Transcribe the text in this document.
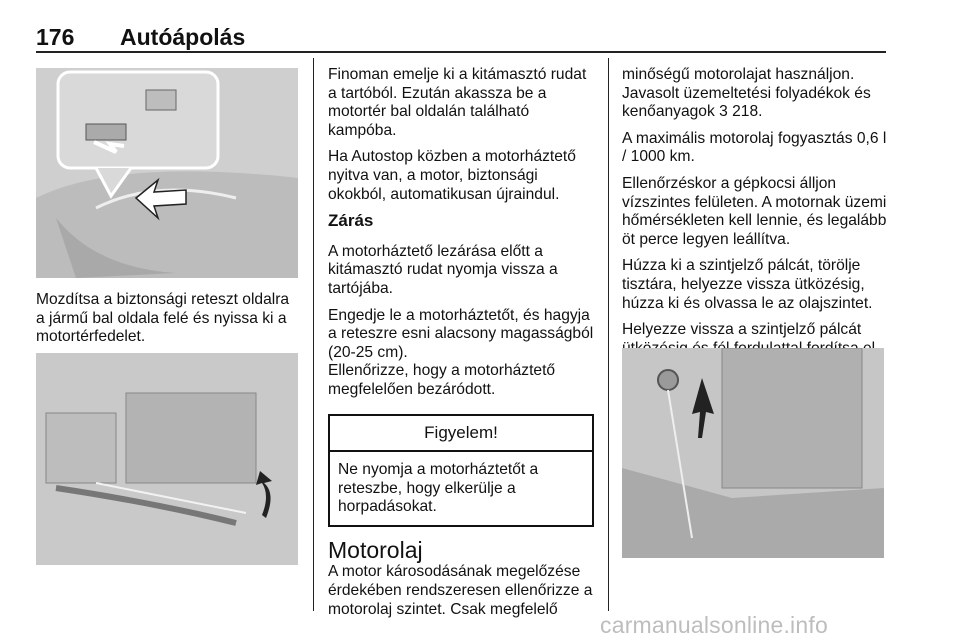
176 Autóápolás

Mozdítsa a biztonsági reteszt oldalra a jármű bal oldala felé és nyissa ki a motortérfedelet.

Finoman emelje ki a kitámasztó rudat a tartóból. Ezután akassza be a motortér bal oldalán található kampóba.

Ha Autostop közben a motorháztető nyitva van, a motor, biztonsági okokból, automatikusan újraindul.

Zárás

A motorháztető lezárása előtt a kitámasztó rudat nyomja vissza a tartójába.

Engedje le a motorháztetőt, és hagyja a reteszre esni alacsony magasságból (20-25 cm).

Ellenőrizze, hogy a motorháztető megfelelően bezáródott.

Figyelem!
Ne nyomja a motorháztetőt a reteszbe, hogy elkerülje a horpadásokat.
Motorolaj

A motor károsodásának megelőzése érdekében rendszeresen ellenőrizze a motorolaj szintet. Csak megfelelő

minőségű motorolajat használjon. Javasolt üzemeltetési folyadékok és kenőanyagok 3 218.

A maximális motorolaj fogyasztás 0,6 l / 1000 km.

Ellenőrzéskor a gépkocsi álljon vízszintes felületen. A motornak üzemi hőmérsékleten kell lennie, és legalább öt perce legyen leállítva.

Húzza ki a szintjelző pálcát, törölje tisztára, helyezze vissza ütközésig, húzza ki és olvassa le az olajszintet.

Helyezze vissza a szintjelző pálcát

carmanualsonline.info
